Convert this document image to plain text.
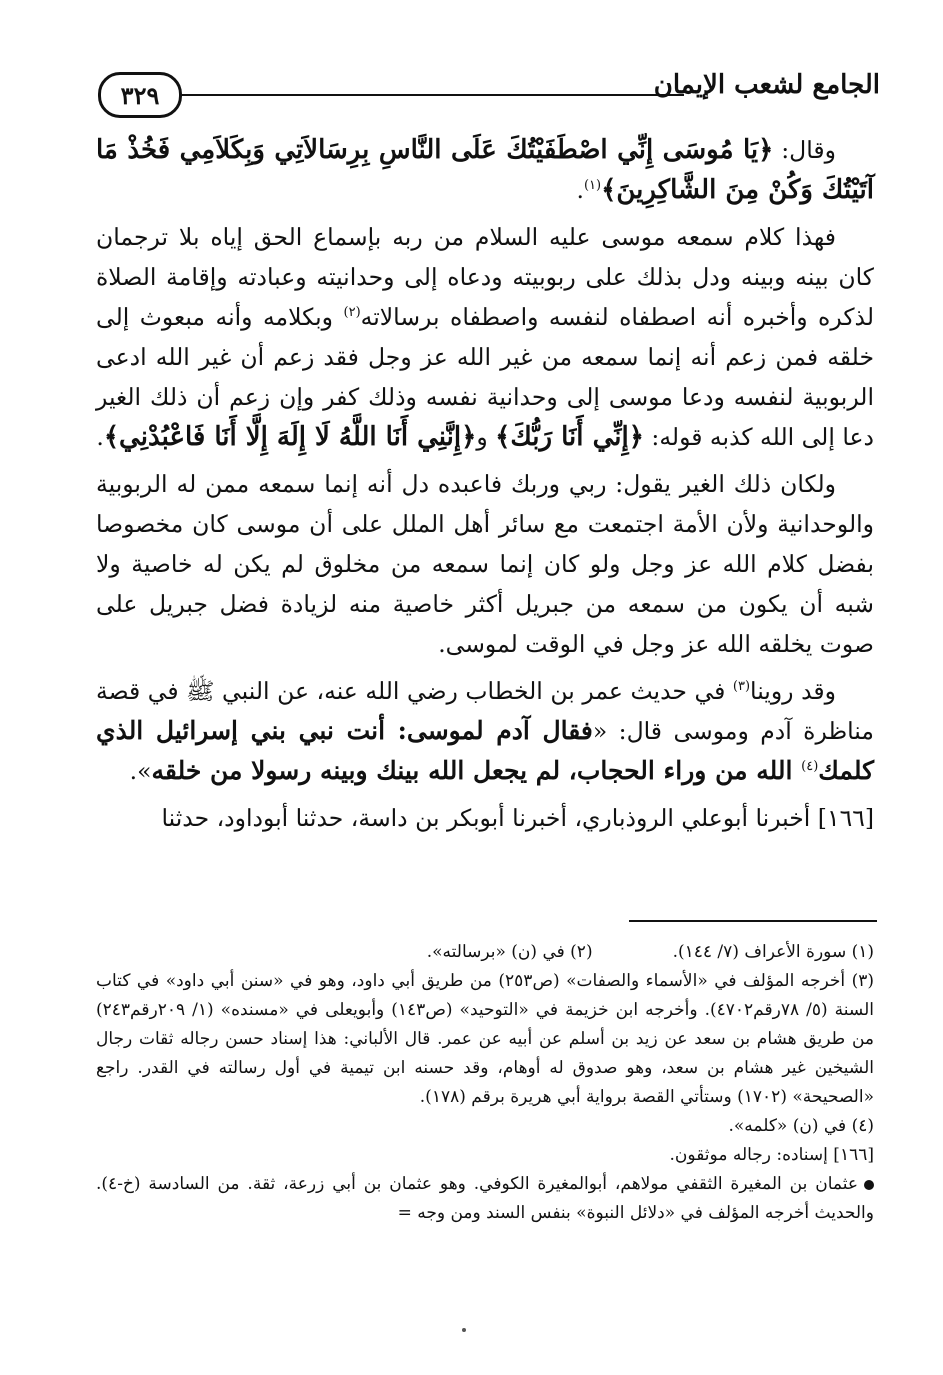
٣٢٩	الجامع لشعب الإيمان

وقال: ﴿يَا مُوسَى إِنِّي اصْطَفَيْتُكَ عَلَى النَّاسِ بِرِسَالاَتِي وَبِكَلاَمِي فَخُذْ مَا آتَيْتُكَ وَكُنْ مِنَ الشَّاكِرِينَ﴾$^{(١)}$.

فهذا كلام سمعه موسى عليه السلام من ربه بإسماع الحق إياه بلا ترجمان كان بينه وبينه ودل بذلك على ربوبيته ودعاه إلى وحدانيته وعبادته وإقامة الصلاة لذكره وأخبره أنه اصطفاه لنفسه واصطفاه برسالاته$^{(٢)}$ وبكلامه وأنه مبعوث إلى خلقه فمن زعم أنه إنما سمعه من غير الله عز وجل فقد زعم أن غير الله ادعى الربوبية لنفسه ودعا موسى إلى وحدانية نفسه وذلك كفر وإن زعم أن ذلك الغير دعا إلى الله كذبه قوله: ﴿إِنِّي أَنَا رَبُّكَ﴾ و﴿إِنَّنِي أَنَا اللَّهُ لَا إِلَهَ إِلَّا أَنَا فَاعْبُدْنِي﴾.

ولكان ذلك الغير يقول: ربي وربك فاعبده دل أنه إنما سمعه ممن له الربوبية والوحدانية ولأن الأمة اجتمعت مع سائر أهل الملل على أن موسى كان مخصوصا بفضل كلام الله عز وجل ولو كان إنما سمعه من مخلوق لم يكن له خاصية ولا شبه أن يكون من سمعه من جبريل أكثر خاصية منه لزيادة فضل جبريل على صوت يخلقه الله عز وجل في الوقت لموسى.

وقد روينا$^{(٣)}$ في حديث عمر بن الخطاب رضي الله عنه، عن النبي ﷺ في قصة مناظرة آدم وموسى قال: «فقال آدم لموسى: أنت نبي بني إسرائيل الذي كلمك$^{(٤)}$ الله من وراء الحجاب، لم يجعل الله بينك وبينه رسولا من خلقه».

[١٦٦] أخبرنا أبوعلي الروذباري، أخبرنا أبوبكر بن داسة، حدثنا أبوداود، حدثنا

(١) سورة الأعراف (٧/ ١٤٤).

(٢) في (ن) «برسالته».

(٣) أخرجه المؤلف في «الأسماء والصفات» (ص٢٥٣) من طريق أبي داود، وهو في «سنن أبي داود» في كتاب السنة (٥/ ٧٨رقم٤٧٠٢). وأخرجه ابن خزيمة في «التوحيد» (ص١٤٣) وأبويعلى في «مسنده» (١/ ٢٠٩رقم٢٤٣) من طريق هشام بن سعد عن زيد بن أسلم عن أبيه عن عمر. قال الألباني: هذا إسناد حسن رجاله ثقات رجال الشيخين غير هشام بن سعد، وهو صدوق له أوهام، وقد حسنه ابن تيمية في أول رسالته في القدر. راجع «الصحيحة» (١٧٠٢) وستأتي القصة برواية أبي هريرة برقم (١٧٨).

(٤) في (ن) «كلمه».

[١٦٦] إسناده: رجاله موثقون.

عثمان بن المغيرة الثقفي مولاهم، أبوالمغيرة الكوفي. وهو عثمان بن أبي زرعة، ثقة. من السادسة (خ-٤). والحديث أخرجه المؤلف في «دلائل النبوة» بنفس السند ومن وجه =
